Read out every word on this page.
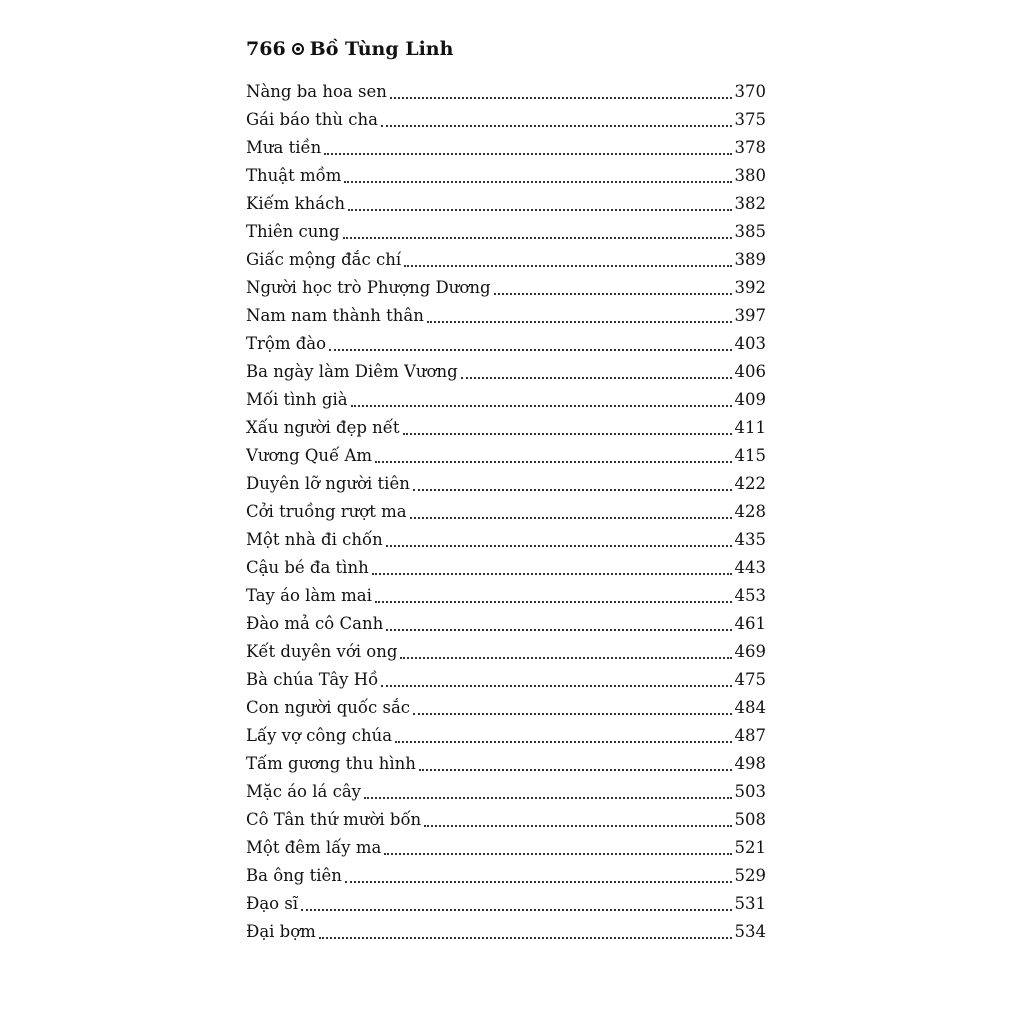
766 Bồ Tùng Linh
Nàng ba hoa sen	370
Gái báo thù cha	375
Mưa tiền	378
Thuật mồm	380
Kiếm khách	382
Thiên cung	385
Giấc mộng đắc chí	389
Người học trò Phượng Dương	392
Nam nam thành thân	397
Trộm đào	403
Ba ngày làm Diêm Vương	406
Mối tình già	409
Xấu người đẹp nết	411
Vương Quế Am	415
Duyên lỡ người tiên	422
Cởi truồng rượt ma	428
Một nhà đi chốn	435
Cậu bé đa tình	443
Tay áo làm mai	453
Đào mả cô Canh	461
Kết duyên với ong	469
Bà chúa Tây Hồ	475
Con người quốc sắc	484
Lấy vợ công chúa	487
Tấm gương thu hình	498
Mặc áo lá cây	503
Cô Tân thứ mười bốn	508
Một đêm lấy ma	521
Ba ông tiên	529
Đạo sĩ	531
Đại bợm	534
